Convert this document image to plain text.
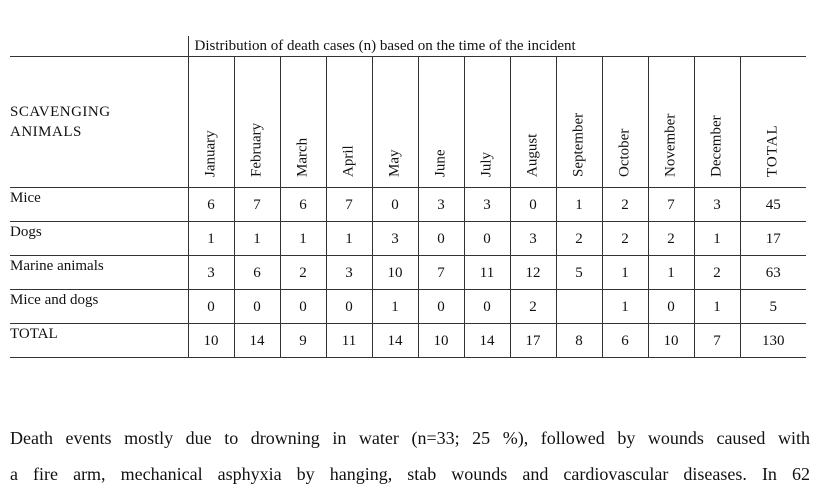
	Distribution of death cases (n) based on the time of the incident												
SCAVENGING
ANIMALS	January	February	March	April	May	June	July	August	September	October	November	December	TOTAL

Mice	6	7	6	7	0	3	3	0	1	2	7	3	45
Dogs	1	1	1	1	3	0	0	3	2	2	2	1	17
Marine animals	3	6	2	3	10	7	11	12	5	1	1	2	63
Mice and dogs	0	0	0	0	1	0	0	2		1	0	1	5
TOTAL	10	14	9	11	14	10	14	17	8	6	10	7	130
Death events mostly due to drowning in water (n=33; 25 %), followed by wounds caused with
a fire arm, mechanical asphyxia by hanging, stab wounds and cardiovascular diseases. In 62
